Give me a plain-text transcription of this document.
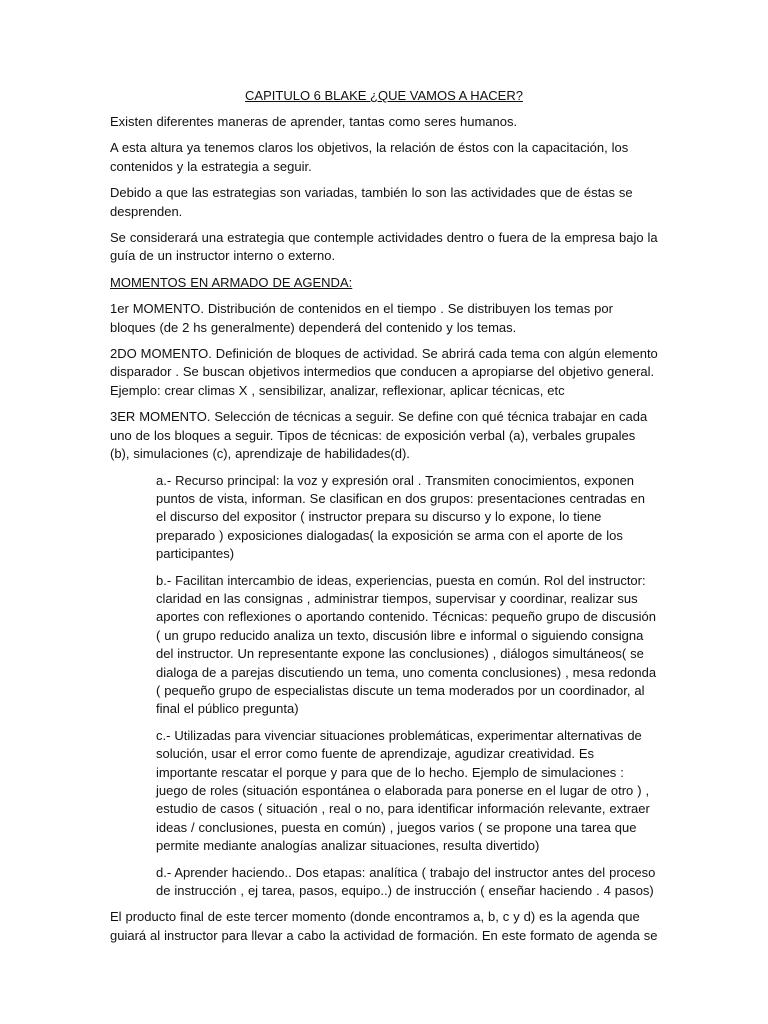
CAPITULO 6 BLAKE ¿QUE VAMOS A HACER?

Existen diferentes maneras de aprender, tantas como seres humanos.

A esta altura ya tenemos claros los objetivos, la relación de éstos con la capacitación, los contenidos y la estrategia a seguir.

Debido a que las estrategias son variadas, también lo son las actividades que de éstas se desprenden.

Se considerará una estrategia que contemple actividades dentro o fuera de la empresa bajo la guía de un instructor interno o externo.

MOMENTOS EN ARMADO DE AGENDA:

1er MOMENTO. Distribución de contenidos en el tiempo . Se distribuyen los temas por bloques (de 2 hs generalmente) dependerá del contenido y los temas.

2DO MOMENTO. Definición de bloques de actividad. Se abrirá cada tema con algún elemento disparador . Se buscan objetivos intermedios que conducen a apropiarse del objetivo general. Ejemplo: crear climas X , sensibilizar, analizar, reflexionar, aplicar técnicas, etc

3ER MOMENTO. Selección de técnicas a seguir. Se define con qué técnica trabajar en cada uno de los bloques a seguir. Tipos de técnicas: de exposición verbal (a), verbales grupales (b), simulaciones (c), aprendizaje de habilidades(d).

a.- Recurso principal: la voz y expresión oral . Transmiten conocimientos, exponen puntos de vista, informan. Se clasifican en dos grupos: presentaciones centradas en el discurso del expositor ( instructor prepara su discurso y lo expone, lo tiene preparado ) exposiciones dialogadas( la exposición se arma con el aporte de los participantes)

b.- Facilitan intercambio de ideas, experiencias, puesta en común. Rol del instructor: claridad en las consignas , administrar tiempos, supervisar y coordinar, realizar sus aportes con reflexiones o aportando contenido. Técnicas: pequeño grupo de discusión ( un grupo reducido analiza un texto, discusión libre e informal o siguiendo consigna del instructor. Un representante expone las conclusiones) , diálogos simultáneos( se dialoga de a parejas discutiendo un tema, uno comenta conclusiones) , mesa redonda ( pequeño grupo de especialistas discute un tema moderados por un coordinador, al final el público pregunta)

c.- Utilizadas para vivenciar situaciones problemáticas, experimentar alternativas de solución, usar el error como fuente de aprendizaje, agudizar creatividad. Es importante rescatar el porque y para que de lo hecho. Ejemplo de simulaciones : juego de roles (situación espontánea o elaborada para ponerse en el lugar de otro ) , estudio de casos ( situación , real o no, para identificar información relevante, extraer ideas / conclusiones, puesta en común) , juegos varios ( se propone una tarea que permite mediante analogías analizar situaciones, resulta divertido)

d.- Aprender haciendo.. Dos etapas: analítica ( trabajo del instructor antes del proceso de instrucción , ej tarea, pasos, equipo..) de instrucción ( enseñar haciendo . 4 pasos)

El producto final de este tercer momento (donde encontramos a, b, c y d) es la agenda que guiará al instructor para llevar a cabo la actividad de formación. En este formato de agenda se
